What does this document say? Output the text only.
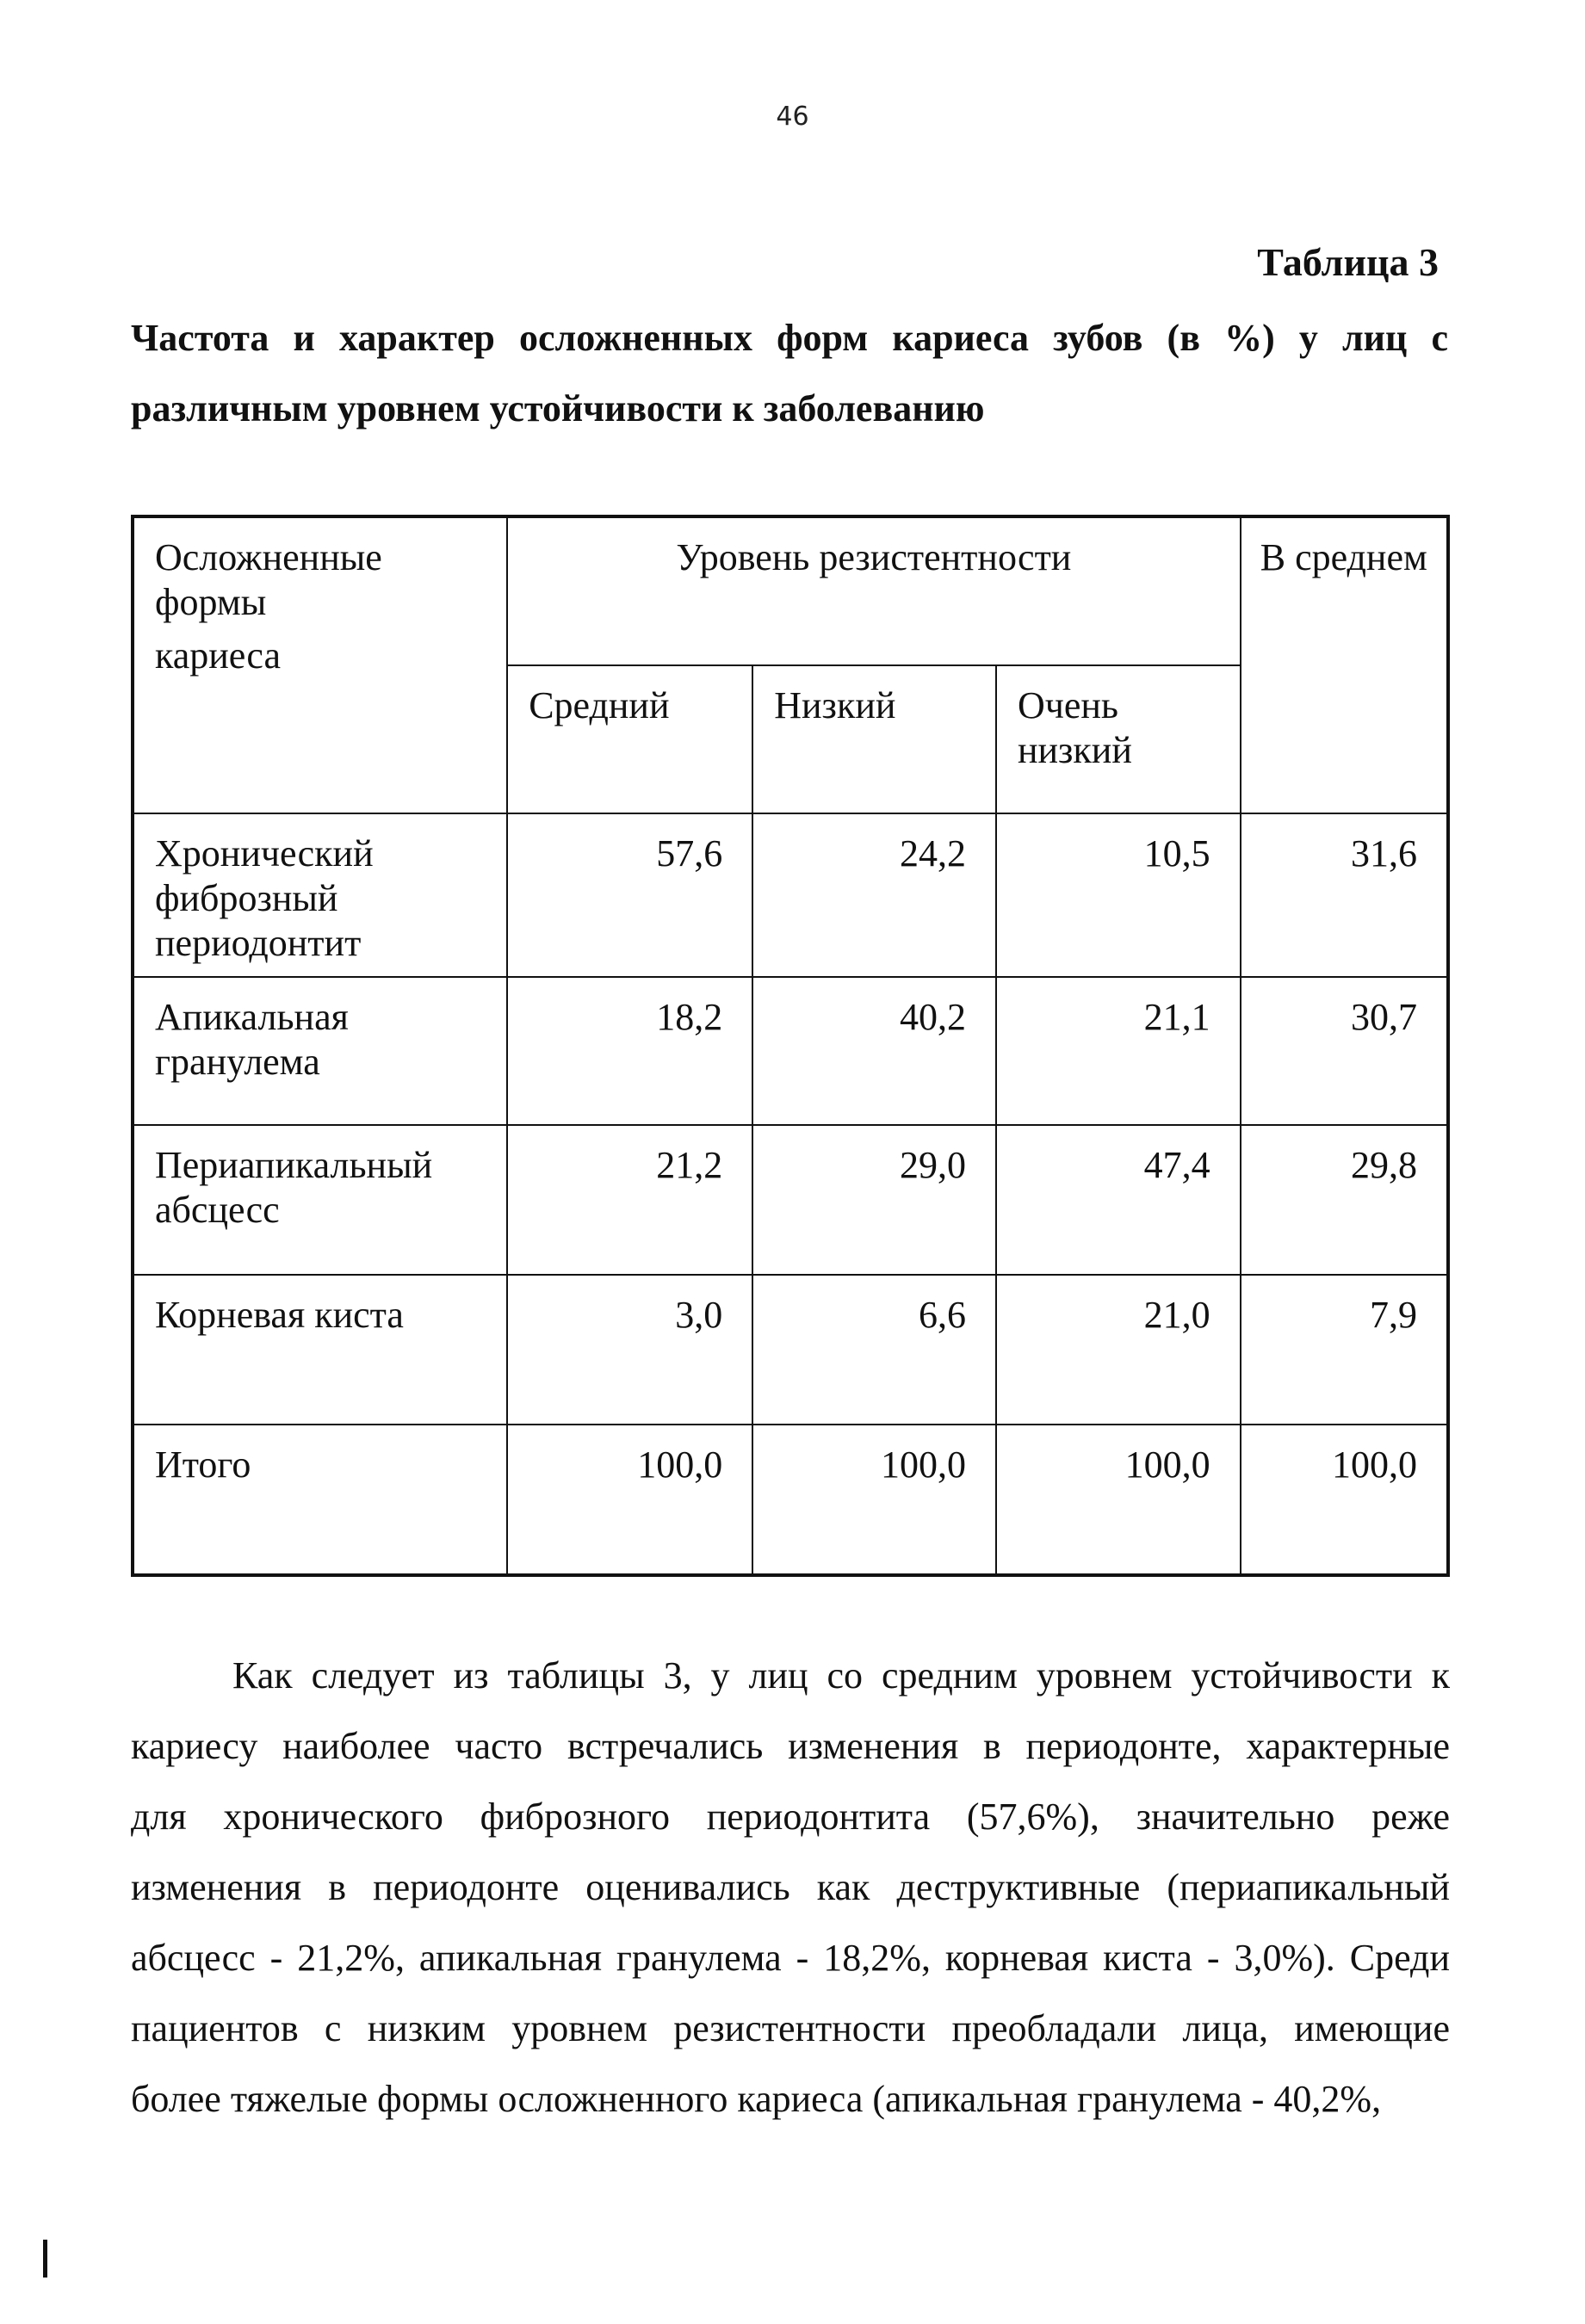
46
Таблица 3
Частота и характер осложненных форм кариеса зубов (в %) у лиц с
различным уровнем устойчивости к заболеванию
Осложненные
формы
кариеса	Уровень резистентности			В среднем

	Средний	Низкий	Очень низкий	

Хронический
фиброзный
периодонтит	57,6	24,2	10,5	31,6

Апикальная
гранулема	18,2	40,2	21,1	30,7

Периапикальный
абсцесс	21,2	29,0	47,4	29,8

Корневая киста	3,0	6,6	21,0	7,9

Итого	100,0	100,0	100,0	100,0
Как следует из таблицы 3, у лиц со средним уровнем устойчивости к
кариесу наиболее часто встречались изменения в периодонте, характерные
для хронического фиброзного периодонтита (57,6%), значительно реже
изменения в периодонте оценивались как деструктивные (периапикальный
абсцесс - 21,2%, апикальная гранулема - 18,2%, корневая киста - 3,0%). Среди
пациентов с низким уровнем резистентности преобладали лица, имеющие
более тяжелые формы осложненного кариеса (апикальная гранулема - 40,2%,
